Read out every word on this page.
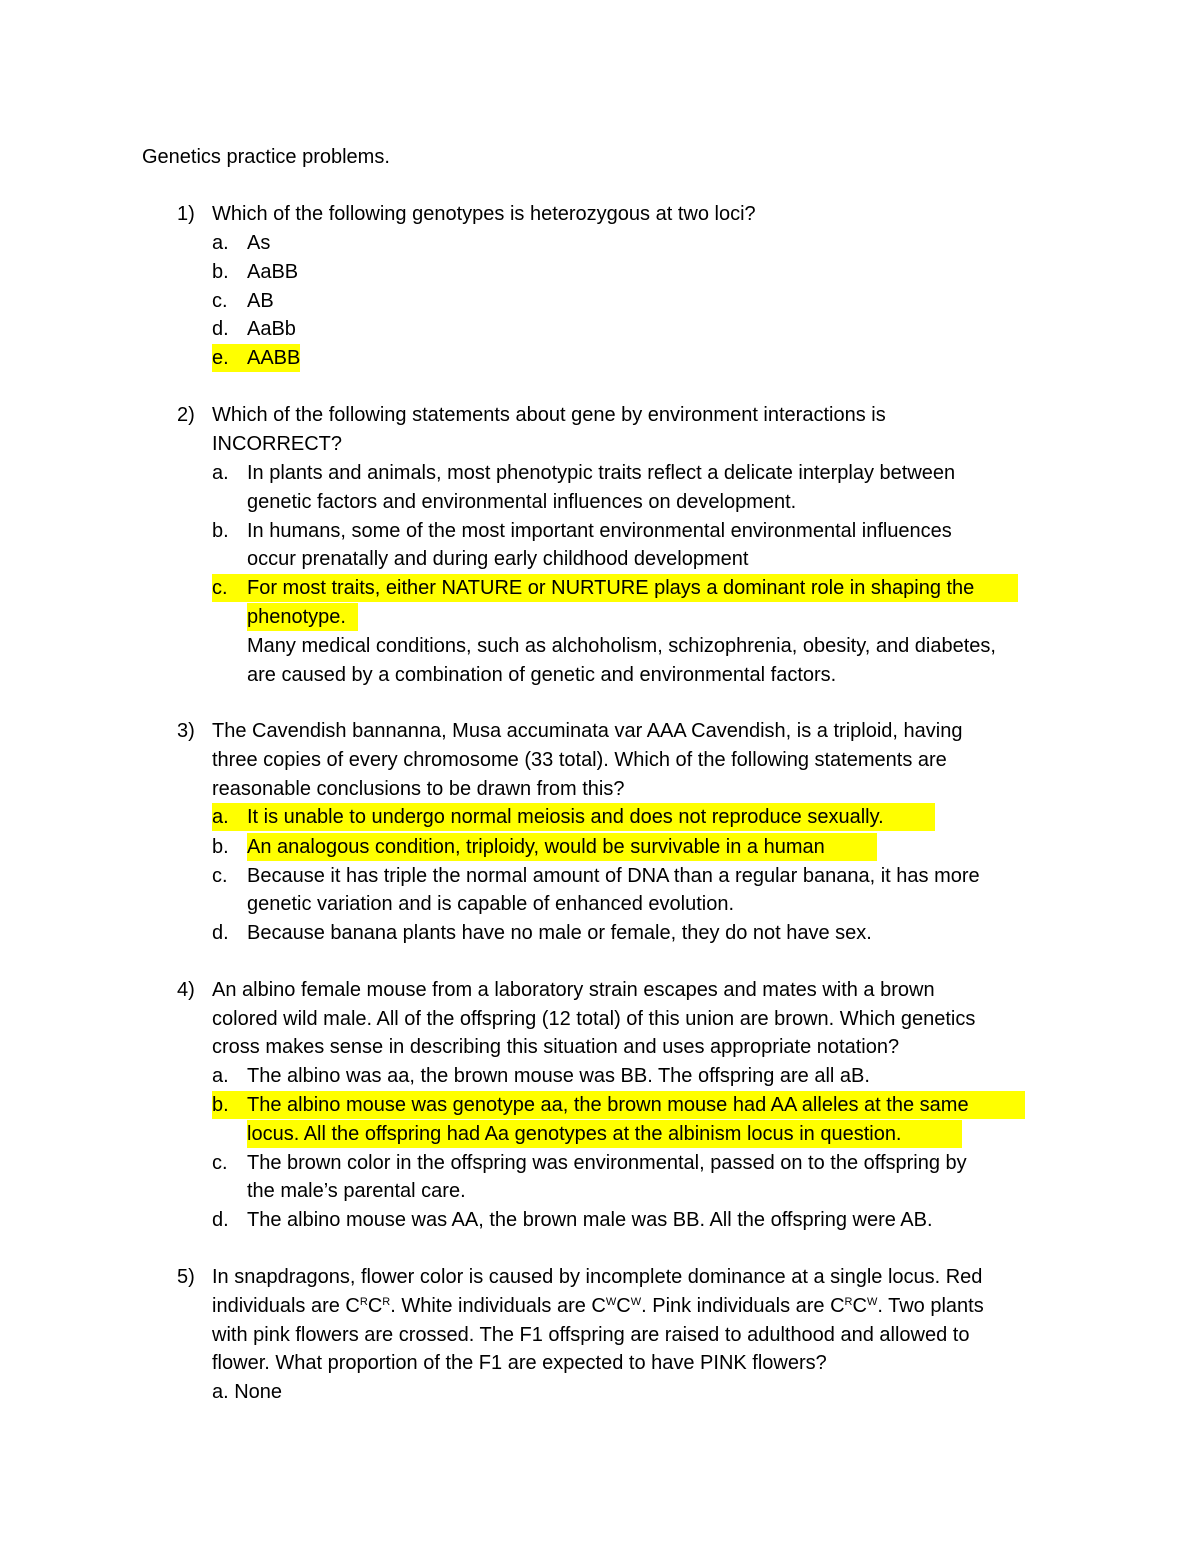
Genetics practice problems.
1) Which of the following genotypes is heterozygous at two loci?
a. As
b. AaBB
c. AB
d. AaBb
e. AABB
2) Which of the following statements about gene by environment interactions is
INCORRECT?
a. In plants and animals, most phenotypic traits reflect a delicate interplay between
genetic factors and environmental influences on development.
b. In humans, some of the most important environmental environmental influences
occur prenatally and during early childhood development
c. For most traits, either NATURE or NURTURE plays a dominant role in shaping the
phenotype.
Many medical conditions, such as alchoholism, schizophrenia, obesity, and diabetes,
are caused by a combination of genetic and environmental factors.
3) The Cavendish bannanna, Musa accuminata var AAA Cavendish, is a triploid, having
three copies of every chromosome (33 total). Which of the following statements are
reasonable conclusions to be drawn from this?
a. It is unable to undergo normal meiosis and does not reproduce sexually.
b. An analogous condition, triploidy, would be survivable in a human
c. Because it has triple the normal amount of DNA than a regular banana, it has more
genetic variation and is capable of enhanced evolution.
d. Because banana plants have no male or female, they do not have sex.
4) An albino female mouse from a laboratory strain escapes and mates with a brown
colored wild male. All of the offspring (12 total) of this union are brown. Which genetics
cross makes sense in describing this situation and uses appropriate notation?
a. The albino was aa, the brown mouse was BB. The offspring are all aB.
b. The albino mouse was genotype aa, the brown mouse had AA alleles at the same
locus. All the offspring had Aa genotypes at the albinism locus in question.
c. The brown color in the offspring was environmental, passed on to the offspring by
the male’s parental care.
d. The albino mouse was AA, the brown male was BB. All the offspring were AB.
5) In snapdragons, flower color is caused by incomplete dominance at a single locus. Red
individuals are $C^RC^R$. White individuals are $C^WC^W$. Pink individuals are $C^RC^W$. Two plants
with pink flowers are crossed. The F1 offspring are raised to adulthood and allowed to
flower. What proportion of the F1 are expected to have PINK flowers?
a. None
